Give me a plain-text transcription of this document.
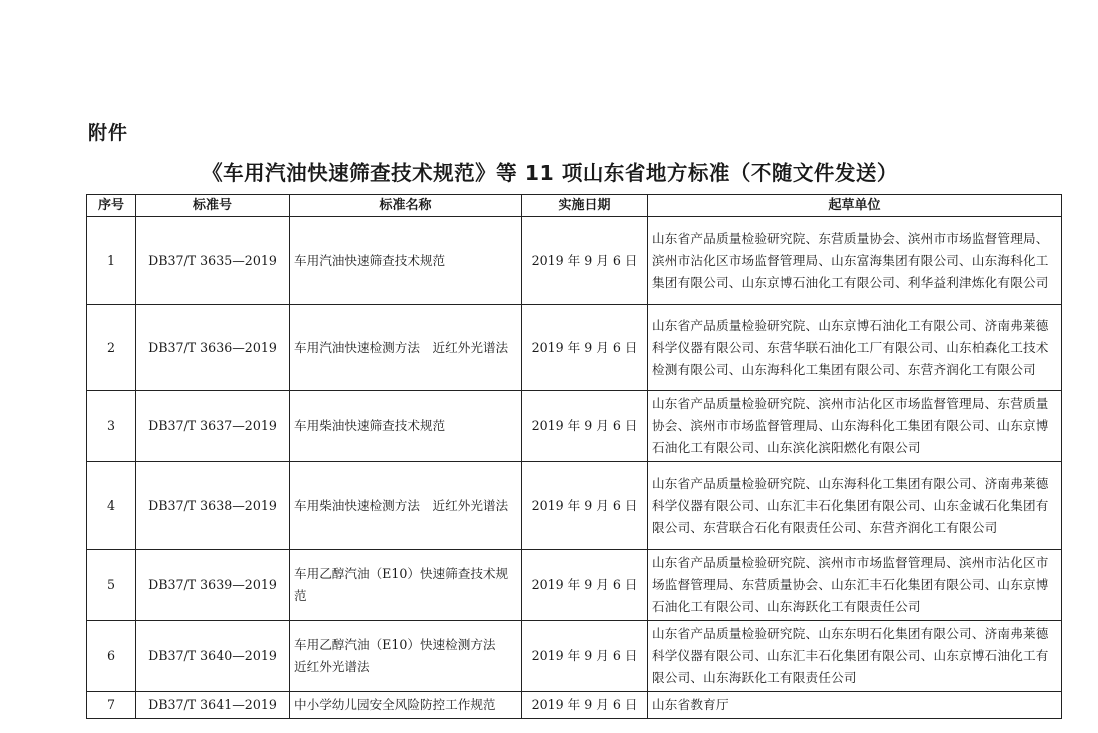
附件
《车用汽油快速筛查技术规范》等 11 项山东省地方标准（不随文件发送）
序号	标准号	标准名称	实施日期	起草单位
1	DB37/T 3635—2019	车用汽油快速筛查技术规范	2019 年 9 月 6 日	山东省产品质量检验研究院、东营质量协会、滨州市市场监督管理局、滨州市沾化区市场监督管理局、山东富海集团有限公司、山东海科化工集团有限公司、山东京博石油化工有限公司、利华益利津炼化有限公司
2	DB37/T 3636—2019	车用汽油快速检测方法　近红外光谱法	2019 年 9 月 6 日	山东省产品质量检验研究院、山东京博石油化工有限公司、济南弗莱德科学仪器有限公司、东营华联石油化工厂有限公司、山东柏森化工技术检测有限公司、山东海科化工集团有限公司、东营齐润化工有限公司
3	DB37/T 3637—2019	车用柴油快速筛查技术规范	2019 年 9 月 6 日	山东省产品质量检验研究院、滨州市沾化区市场监督管理局、东营质量协会、滨州市市场监督管理局、山东海科化工集团有限公司、山东京博石油化工有限公司、山东滨化滨阳燃化有限公司
4	DB37/T 3638—2019	车用柴油快速检测方法　近红外光谱法	2019 年 9 月 6 日	山东省产品质量检验研究院、山东海科化工集团有限公司、济南弗莱德科学仪器有限公司、山东汇丰石化集团有限公司、山东金诚石化集团有限公司、东营联合石化有限责任公司、东营齐润化工有限公司
5	DB37/T 3639—2019	车用乙醇汽油（E10）快速筛查技术规范	2019 年 9 月 6 日	山东省产品质量检验研究院、滨州市市场监督管理局、滨州市沾化区市场监督管理局、东营质量协会、山东汇丰石化集团有限公司、山东京博石油化工有限公司、山东海跃化工有限责任公司
6	DB37/T 3640—2019	车用乙醇汽油（E10）快速检测方法　近红外光谱法	2019 年 9 月 6 日	山东省产品质量检验研究院、山东东明石化集团有限公司、济南弗莱德科学仪器有限公司、山东汇丰石化集团有限公司、山东京博石油化工有限公司、山东海跃化工有限责任公司
7	DB37/T 3641—2019	中小学幼儿园安全风险防控工作规范	2019 年 9 月 6 日	山东省教育厅
